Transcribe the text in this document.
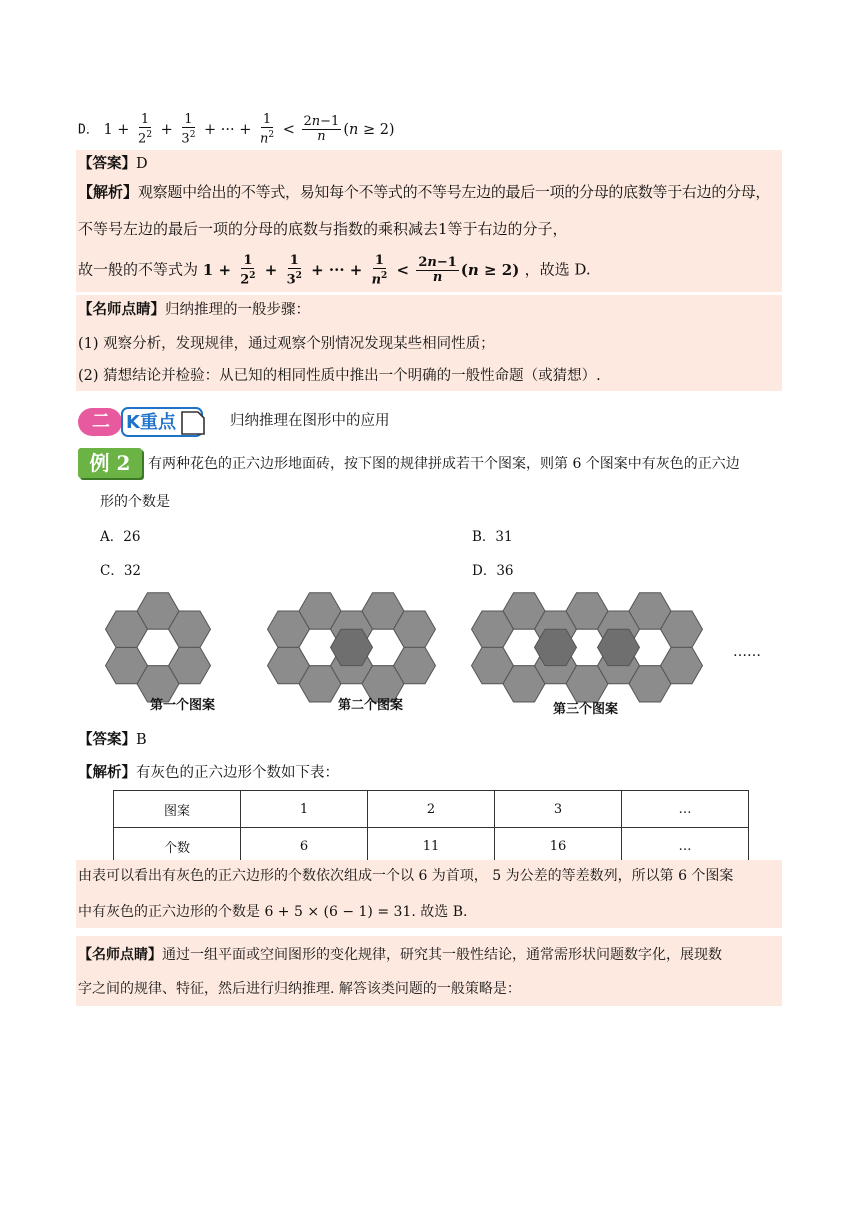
D． $1 + \frac{1}{2^2} + \frac{1}{3^2}$ + ··· + $\frac{1}{n^2} < \frac{2n-1}{n} (n \ge 2)$
【答案】D
【解析】观察题中给出的不等式，易知每个不等式的不等号左边的最后一项的分母的底数等于右边的分母，
不等号左边的最后一项的分母的底数与指数的乘积减去1等于右边的分子，
故一般的不等式为 $1 + \frac{1}{2^2} + \frac{1}{3^2}$ + ··· + $\frac{1}{n^2} < \frac{2n-1}{n} (n \ge 2)$ ，故选 D.
【名师点睛】归纳推理的一般步骤：
(1) 观察分析，发现规律，通过观察个别情况发现某些相同性质；
(2) 猜想结论并检验：从已知的相同性质中推出一个明确的一般性命题（或猜想）.
二 K重点	归纳推理在图形中的应用
例 2	有两种花色的正六边形地面砖，按下图的规律拼成若干个图案，则第 6 个图案中有灰色的正六边
形的个数是
A．26	B．31
C．32	D．36
第一个图案	第二个图案	第三个图案
……
【答案】B
【解析】有灰色的正六边形个数如下表：
图案	1	2	3	…
个数	6	11	16	…
由表可以看出有灰色的正六边形的个数依次组成一个以 6 为首项， 5 为公差的等差数列，所以第 6 个图案
中有灰色的正六边形的个数是 6 + 5 × (6 − 1) = 31. 故选 B.
【名师点睛】通过一组平面或空间图形的变化规律，研究其一般性结论，通常需形状问题数字化，展现数
字之间的规律、特征，然后进行归纳推理. 解答该类问题的一般策略是：
